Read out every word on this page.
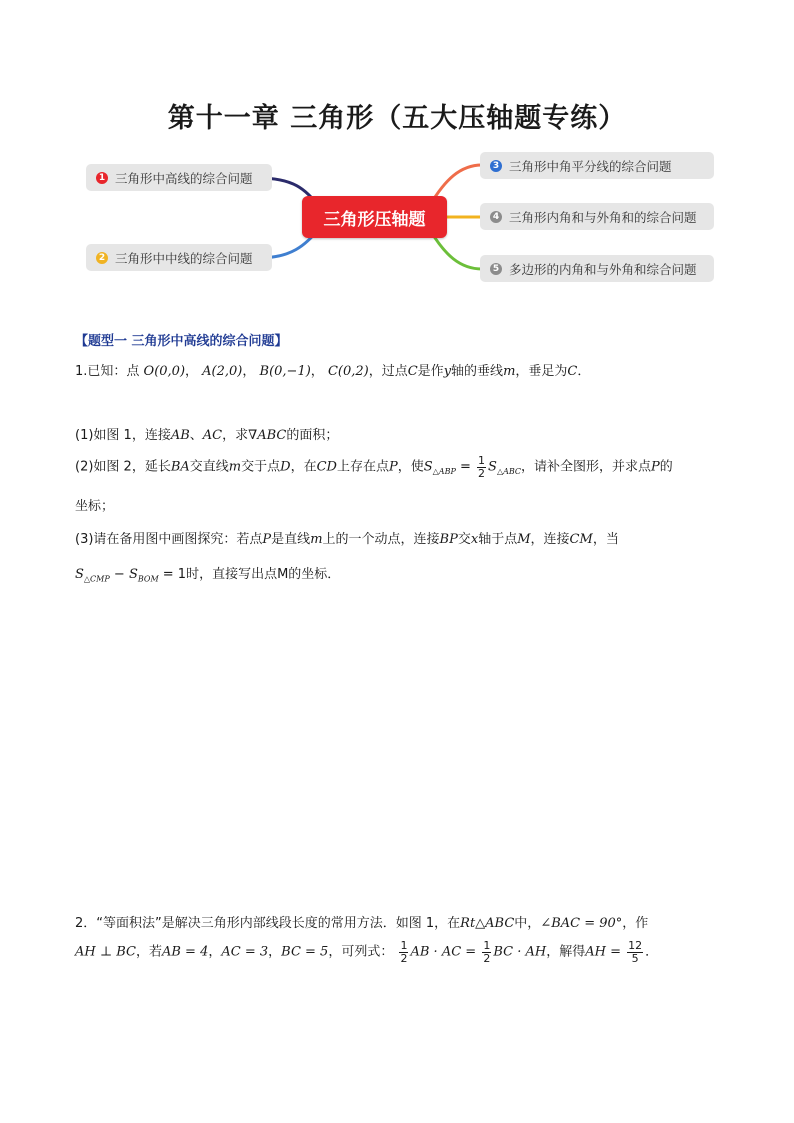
第十一章 三角形（五大压轴题专练）
三角形压轴题
1 三角形中高线的综合问题
2 三角形中中线的综合问题
3 三角形中角平分线的综合问题
4 三角形内角和与外角和的综合问题
5 多边形的内角和与外角和综合问题
【题型一 三角形中高线的综合问题】
1.已知：点 O(0,0)， A(2,0)， B(0,−1)， C(0,2)，过点C是作y轴的垂线m，垂足为C．
(1)如图 1，连接AB、AC，求∇ABC的面积；
(2)如图 2，延长BA交直线m交于点D，在CD上存在点P，使$S_{\triangle ABP} = \frac{1}{2} S_{\triangle ABC}$，请补全图形，并求点P的
坐标；
(3)请在备用图中画图探究：若点P是直线m上的一个动点，连接BP交x轴于点M，连接CM，当
$S_{\triangle CMP} - S_{BOM} = 1$时，直接写出点M的坐标．
2．“等面积法”是解决三角形内部线段长度的常用方法．如图 1，在Rt△ABC中，∠BAC = 90°，作
AH ⊥ BC，若AB = 4，AC = 3，BC = 5，可列式： $\frac{1}{2}$ AB · AC = $\frac{1}{2}$ BC · AH，解得AH = $\frac{12}{5}$ ．
